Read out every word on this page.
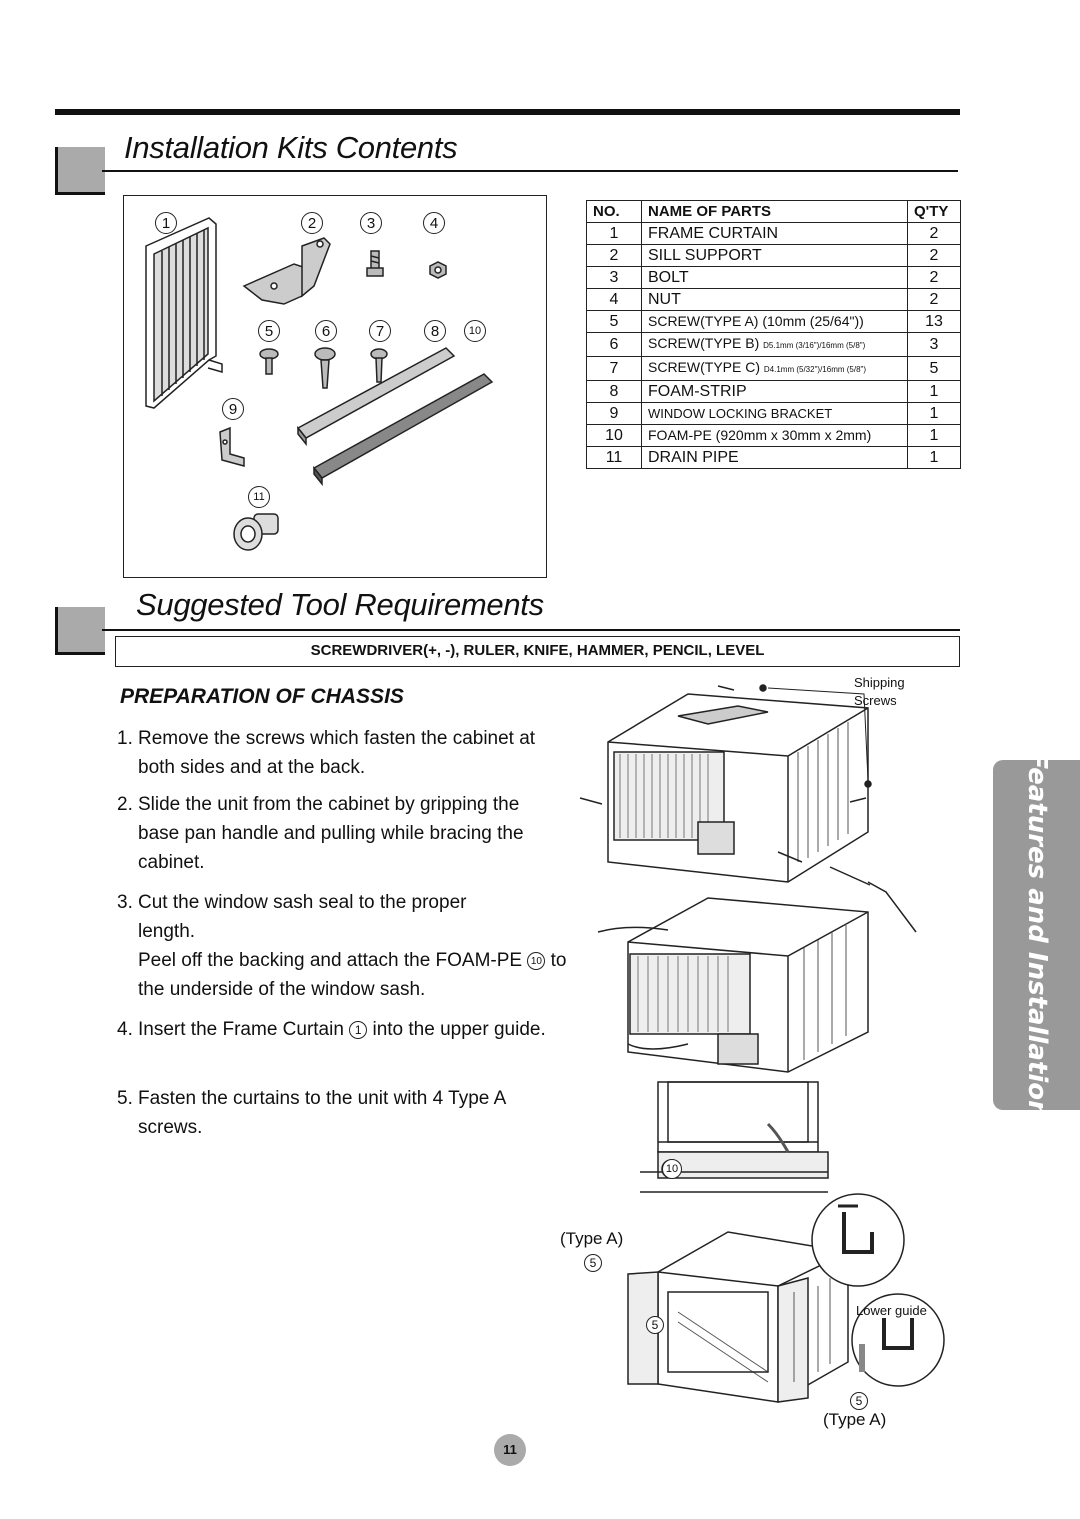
Installation Kits Contents
1	2	3	4
5	6	7	8	10
9
11
NO.	NAME OF PARTS	Q'TY
1	FRAME CURTAIN	2
2	SILL SUPPORT	2
3	BOLT	2
4	NUT	2
5	SCREW(TYPE A) (10mm (25/64"))	13
6	SCREW(TYPE B) D5.1mm (3/16")/16mm (5/8")	3
7	SCREW(TYPE C) D4.1mm (5/32")/16mm (5/8")	5
8	FOAM-STRIP	1
9	WINDOW LOCKING BRACKET	1
10	FOAM-PE (920mm x 30mm x 2mm)	1
11	DRAIN PIPE	1
Suggested Tool Requirements
SCREWDRIVER(+, -), RULER, KNIFE, HAMMER, PENCIL, LEVEL
PREPARATION OF CHASSIS
1. Remove the screws which fasten the cabinet at both sides and at the back.
2. Slide the unit from the cabinet by gripping the base pan handle and pulling while bracing the cabinet.
3. Cut the window sash seal to the proper length.
Peel off the backing and attach the FOAM-PE 10 to the underside of the window sash.
4. Insert the Frame Curtain 1 into the upper guide.
5. Fasten the curtains to the unit with 4 Type A screws.
Shipping
Screws
10
(Type A)
5
5
Lower guide
5
(Type A)
Features and Installation
11
